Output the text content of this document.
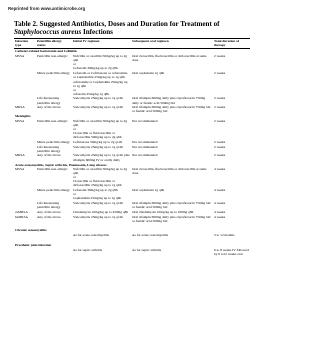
Reprinted from www.antimicrobe.org
Table 2. Suggested Antibiotics, Doses and Duration for Treatment of Staphylococcus aureus Infections
Infection type	Penicillin allergy status	Initial IV regimen	Subsequent oral regimen	Total duration of therapy
Catheter-related bacteremia and Cellulitis				
MSSA	Penicillin non-allergic	Nafcillin or oxacillin 50mg/kg up to 2g q4h
or
Cefazolin 30mg/kg up to 2g q8h	Oral cloxacillin, flucloxacillin or dicloxacillin at same dose	2 weeks
	Minor penicillin allergy	Cefazolin or Ceftriaxone or cefuroxime or Cephalothin 25mg/kg up to 1g q6h	Oral cephalexin 1g q6h	2 weeks
		cefuroxime or Cephalothin 25mg/kg up to 1g q6h
or
cefazolin 25mg/kg 1g q8h		
	Life threatening penicillin allergy	Vancomycin 25mg/kg up to 1g q12h	Oral rifampin 600mg daily plus ciprofloxacin 750mg daily or fusidic acid 500mg bid	2 weeks
MRSA	Any of the above	Vancomycin 25mg/kg up to 1g q12h	Oral rifampin 600mg daily plus ciprofloxacin 750mg bid or fusidic acid 500mg bid	2 weeks
Meningitis				
MSSA	Penicillin non-allergic	Nafcillin or oxacillin 50mg/kg up to 2g q4h
or
Cloxacillin or flucloxacillin or dicloxacillin 50mg/kg up to 2g q6h	Not recommended	2 weeks
	Minor penicillin allergy	Ceftriaxone 50mg/kg up to 2g q12h	Not recommended	2 weeks
	Life threatening penicillin allergy	Vancomycin 25mg/kg up to 1g q12h	Not recommended	2 weeks
MRSA	Any of the above	Vancomycin 25mg/kg up to 1g q12h plus rifampin 600mg IV or orally daily	Not recommended	2 weeks
Acute osteomyelitis, Septic arthritis, Pneumonia, Lung abscess				
MSSA	Penicillin non-allergic	Nafcillin or oxacillin 50mg/kg up to 2g q4h
or
Cloxacillin or flucloxacillin or dicloxacillin 25mg/kg up to 1g q6h	Oral cloxacillin, flucloxacillin or dicloxacillin at same dose	4 weeks
	Minor penicillin allergy	Cefazolin 30mg/kg up to 2g q8h
or
Cephalothin 25mg/kg up to 1g q6h	Oral cephalexin 1g q6h	4 weeks
	Life threatening penicillin allergy	Vancomycin 25mg/kg up to 1g q12h	Oral rifampin 600mg daily plus ciprofloxacin 750mg bid or fusidic acid 500mg bid	4 weeks
caMRSA	Any of the above	Clindamycin 10mg/kg up to 450mg q8h	Oral clindamycin 10mg/kg up to 450mg q8h	4 weeks
haMRSA	Any of the above	Vancomycin 25mg/kg up to 1g q12h	Oral rifampin 600mg daily plus ciprofloxacin 750mg bid or fusidic acid 500mg bid	4 weeks

Chronic osteomyelitis				
		As for acute osteomyelitis	As for acute osteomyelitis	3 to 12 months

Prosthetic joint infection				
		As for septic arthritis	As for septic arthritis	6 to 8 weeks IV followed by 6 to12 weeks oral
